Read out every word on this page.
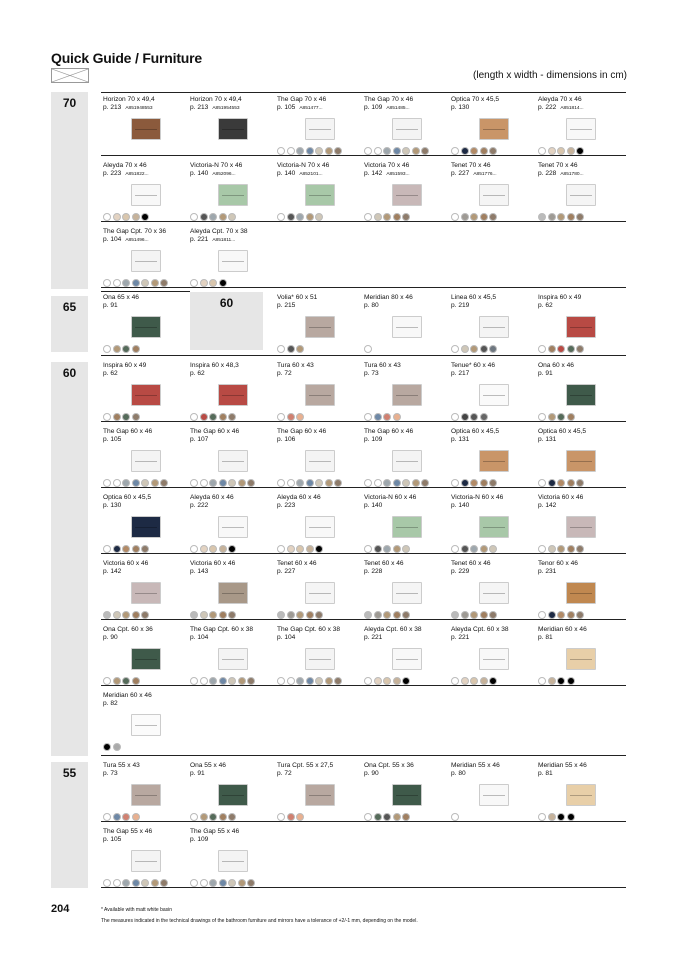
Quick Guide / Furniture
(length x width - dimensions in cm)
70
65
60
55
Horizon 70 x 49,4
p. 213 A851948553
Horizon 70 x 49,4
p. 213 A851954553
The Gap 70 x 46
p. 105 A851477...
The Gap 70 x 46
p. 109 A851485...
Optica 70 x 45,5
p. 130
Aleyda 70 x 46
p. 222 A851814...
Aleyda 70 x 46
p. 223 A851822...
Victoria-N 70 x 46
p. 140 A852096...
Victoria-N 70 x 46
p. 140 A852101...
Victoria 70 x 46
p. 142 A851593...
Tenet 70 x 46
p. 227 A851776...
Tenet 70 x 46
p. 228 A851780...
The Gap Cpt. 70 x 36
p. 104 A851496...
Aleyda Cpt. 70 x 38
p. 221 A851811...
Ona 65 x 46
p. 91
Volia* 60 x 51
p. 215
Meridian 80 x 46
p. 80
Linea 60 x 45,5
p. 219
Inspira 60 x 49
p. 62
Inspira 60 x 49
p. 62
Inspira 60 x 48,3
p. 62
Tura 60 x 43
p. 72
Tura 60 x 43
p. 73
Tenue* 60 x 46
p. 217
Ona 60 x 46
p. 91
The Gap 60 x 46
p. 105
The Gap 60 x 46
p. 107
The Gap 60 x 46
p. 106
The Gap 60 x 46
p. 109
Optica 60 x 45,5
p. 131
Optica 60 x 45,5
p. 131
Optica 60 x 45,5
p. 130
Aleyda 60 x 46
p. 222
Aleyda 60 x 46
p. 223
Victoria-N 60 x 46
p. 140
Victoria-N 60 x 46
p. 140
Victoria 60 x 46
p. 142
Victoria 60 x 46
p. 142
Victoria 60 x 46
p. 143
Tenet 60 x 46
p. 227
Tenet 60 x 46
p. 228
Tenet 60 x 46
p. 229
Tenor 60 x 46
p. 231
Ona Cpt. 60 x 36
p. 90
The Gap Cpt. 60 x 38
p. 104
The Gap Cpt. 60 x 38
p. 104
Aleyda Cpt. 60 x 38
p. 221
Aleyda Cpt. 60 x 38
p. 221
Meridian 60 x 46
p. 81
Meridian 60 x 46
p. 82
Tura 55 x 43
p. 73
Ona 55 x 46
p. 91
Tura Cpt. 55 x 27,5
p. 72
Ona Cpt. 55 x 36
p. 90
Meridian 55 x 46
p. 80
Meridian 55 x 46
p. 81
The Gap 55 x 46
p. 105
The Gap 55 x 46
p. 109
60
204	* Available with matt white basin
The measures indicated in the technical drawings of the bathroom furniture and mirrors have a tolerance of +2/-1 mm, depending on the model.
